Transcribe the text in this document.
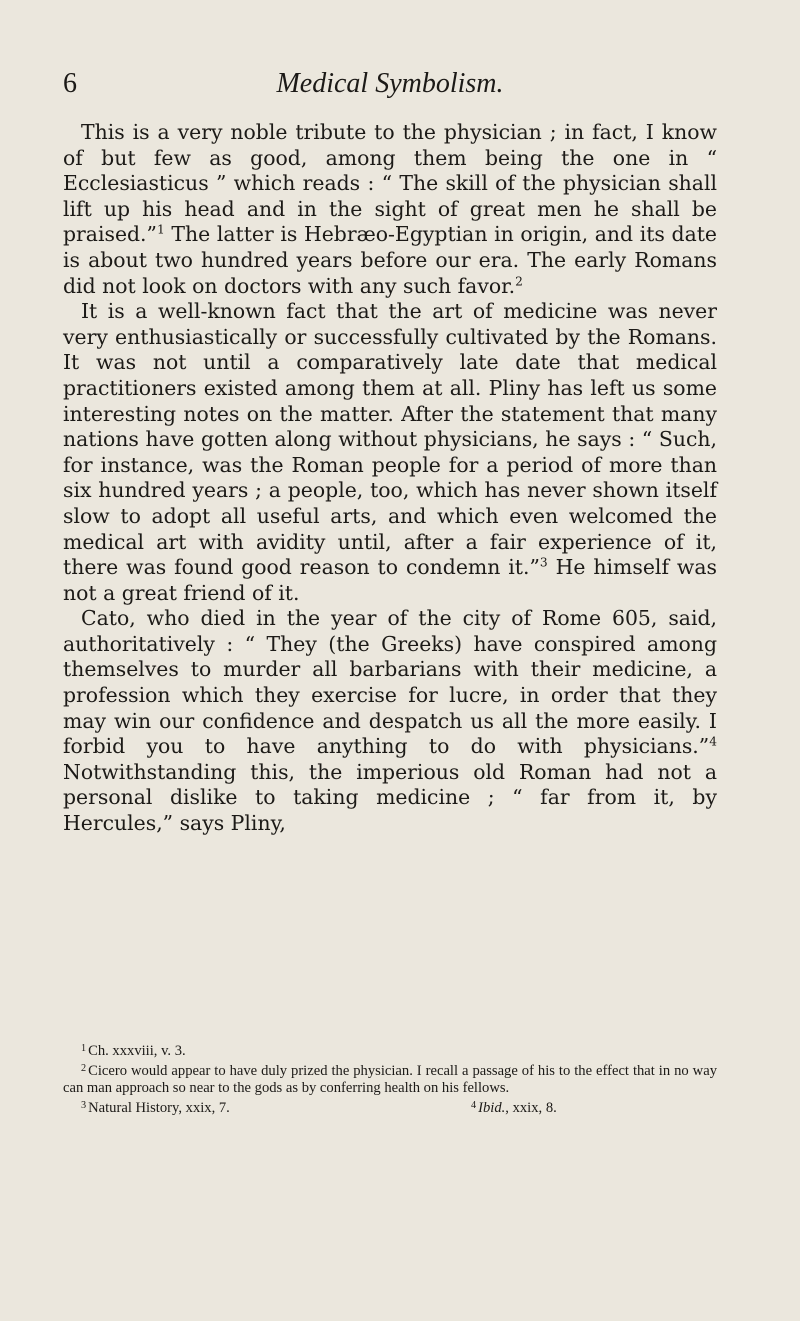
6	Medical Symbolism.

This is a very noble tribute to the physician ; in fact, I know of but few as good, among them being the one in “ Ecclesiasticus ” which reads : “ The skill of the physician shall lift up his head and in the sight of great men he shall be praised.”$^1$ The latter is Hebræo-Egyptian in origin, and its date is about two hundred years before our era. The early Romans did not look on doctors with any such favor.$^2$

It is a well-known fact that the art of medicine was never very enthusiastically or successfully cultivated by the Romans. It was not until a comparatively late date that medical practitioners existed among them at all. Pliny has left us some interesting notes on the matter. After the statement that many nations have gotten along without physicians, he says : “ Such, for instance, was the Roman people for a period of more than six hundred years ; a people, too, which has never shown itself slow to adopt all useful arts, and which even welcomed the medical art with avidity until, after a fair experience of it, there was found good reason to condemn it.”$^3$ He himself was not a great friend of it.

Cato, who died in the year of the city of Rome 605, said, authoritatively : “ They (the Greeks) have conspired among themselves to murder all barbarians with their medicine, a profession which they exercise for lucre, in order that they may win our confidence and despatch us all the more easily. I forbid you to have anything to do with physicians.”$^4$ Notwithstanding this, the imperious old Roman had not a personal dislike to taking medicine ; “ far from it, by Hercules,” says Pliny,

$^1$ Ch. xxxviii, v. 3.

$^2$ Cicero would appear to have duly prized the physician. I recall a passage of his to the effect that in no way can man approach so near to the gods as by conferring health on his fellows.

$^3$ Natural History, xxix, 7.	$^4$ Ibid., xxix, 8.
